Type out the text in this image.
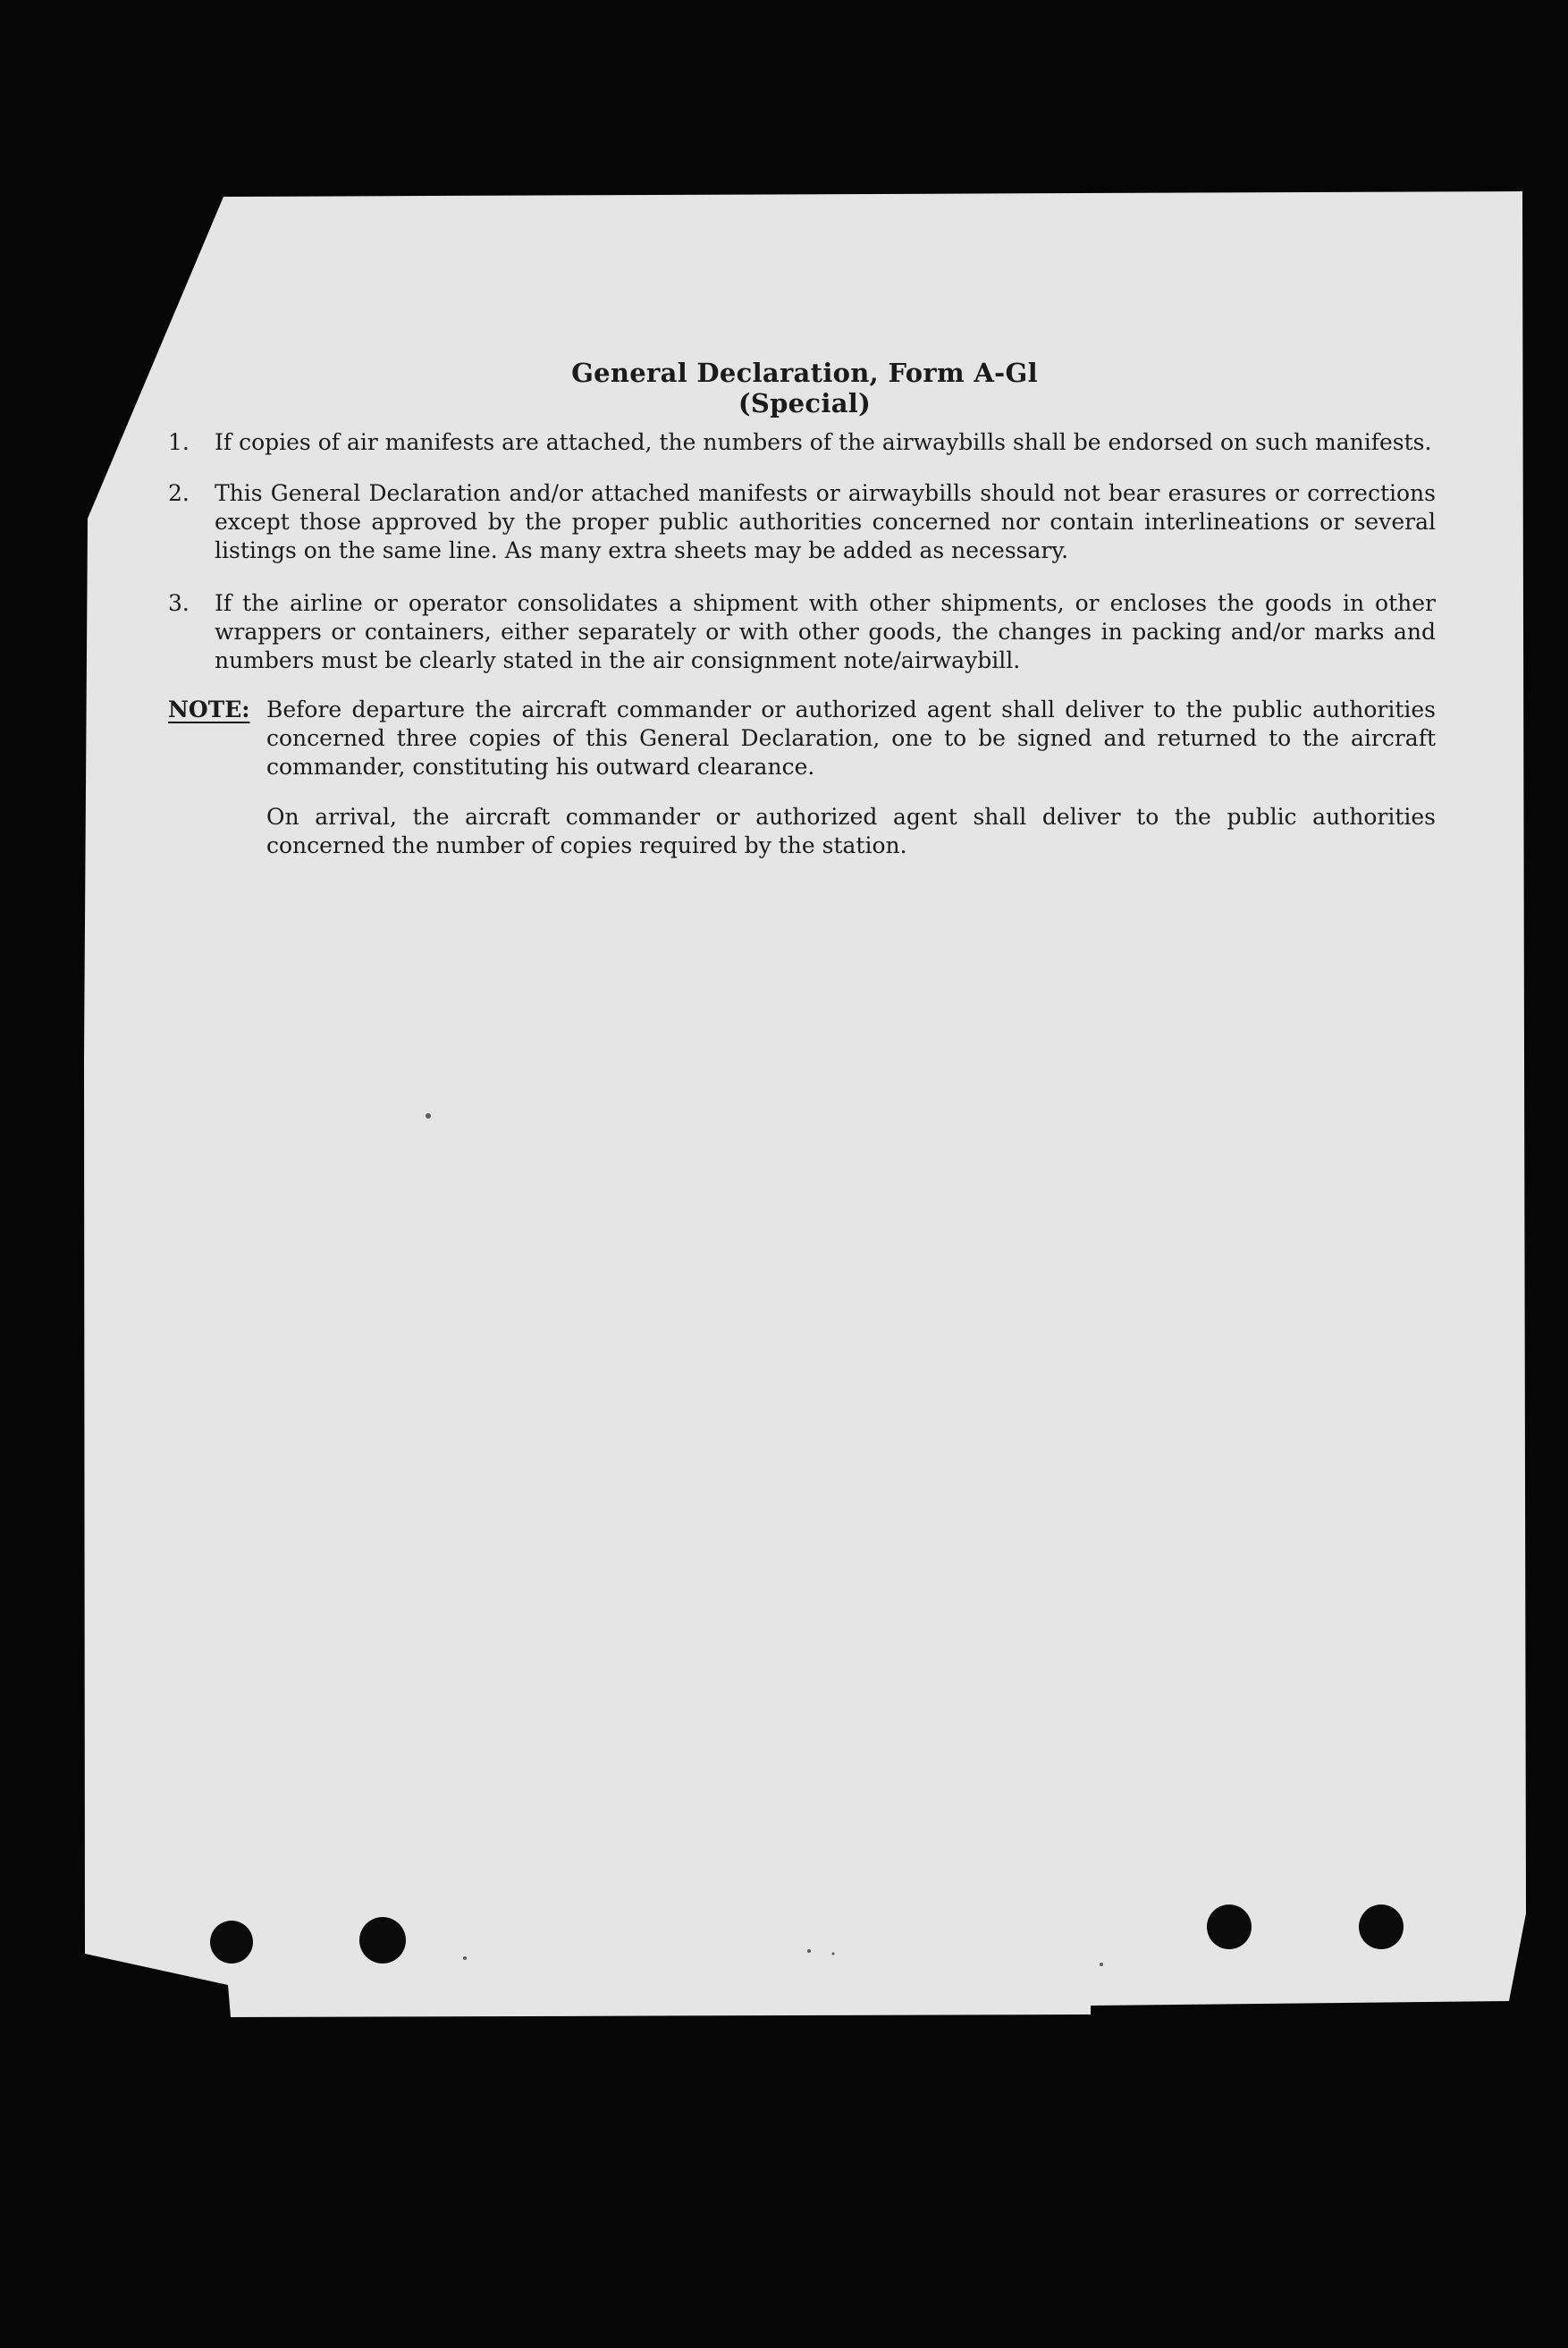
General Declaration, Form A-Gl (Special)
1. If copies of air manifests are attached, the numbers of the airwaybills shall be endorsed on such manifests.
2. This General Declaration and/or attached manifests or airwaybills should not bear erasures or corrections except those approved by the proper public authorities concerned nor contain interlineations or several listings on the same line. As many extra sheets may be added as necessary.
3. If the airline or operator consolidates a shipment with other shipments, or encloses the goods in other wrappers or containers, either separately or with other goods, the changes in packing and/or marks and numbers must be clearly stated in the air consignment note/airwaybill.
NOTE: Before departure the aircraft commander or authorized agent shall deliver to the public authorities concerned three copies of this General Declaration, one to be signed and returned to the aircraft commander, constituting his outward clearance.
On arrival, the aircraft commander or authorized agent shall deliver to the public authorities concerned the number of copies required by the station.
